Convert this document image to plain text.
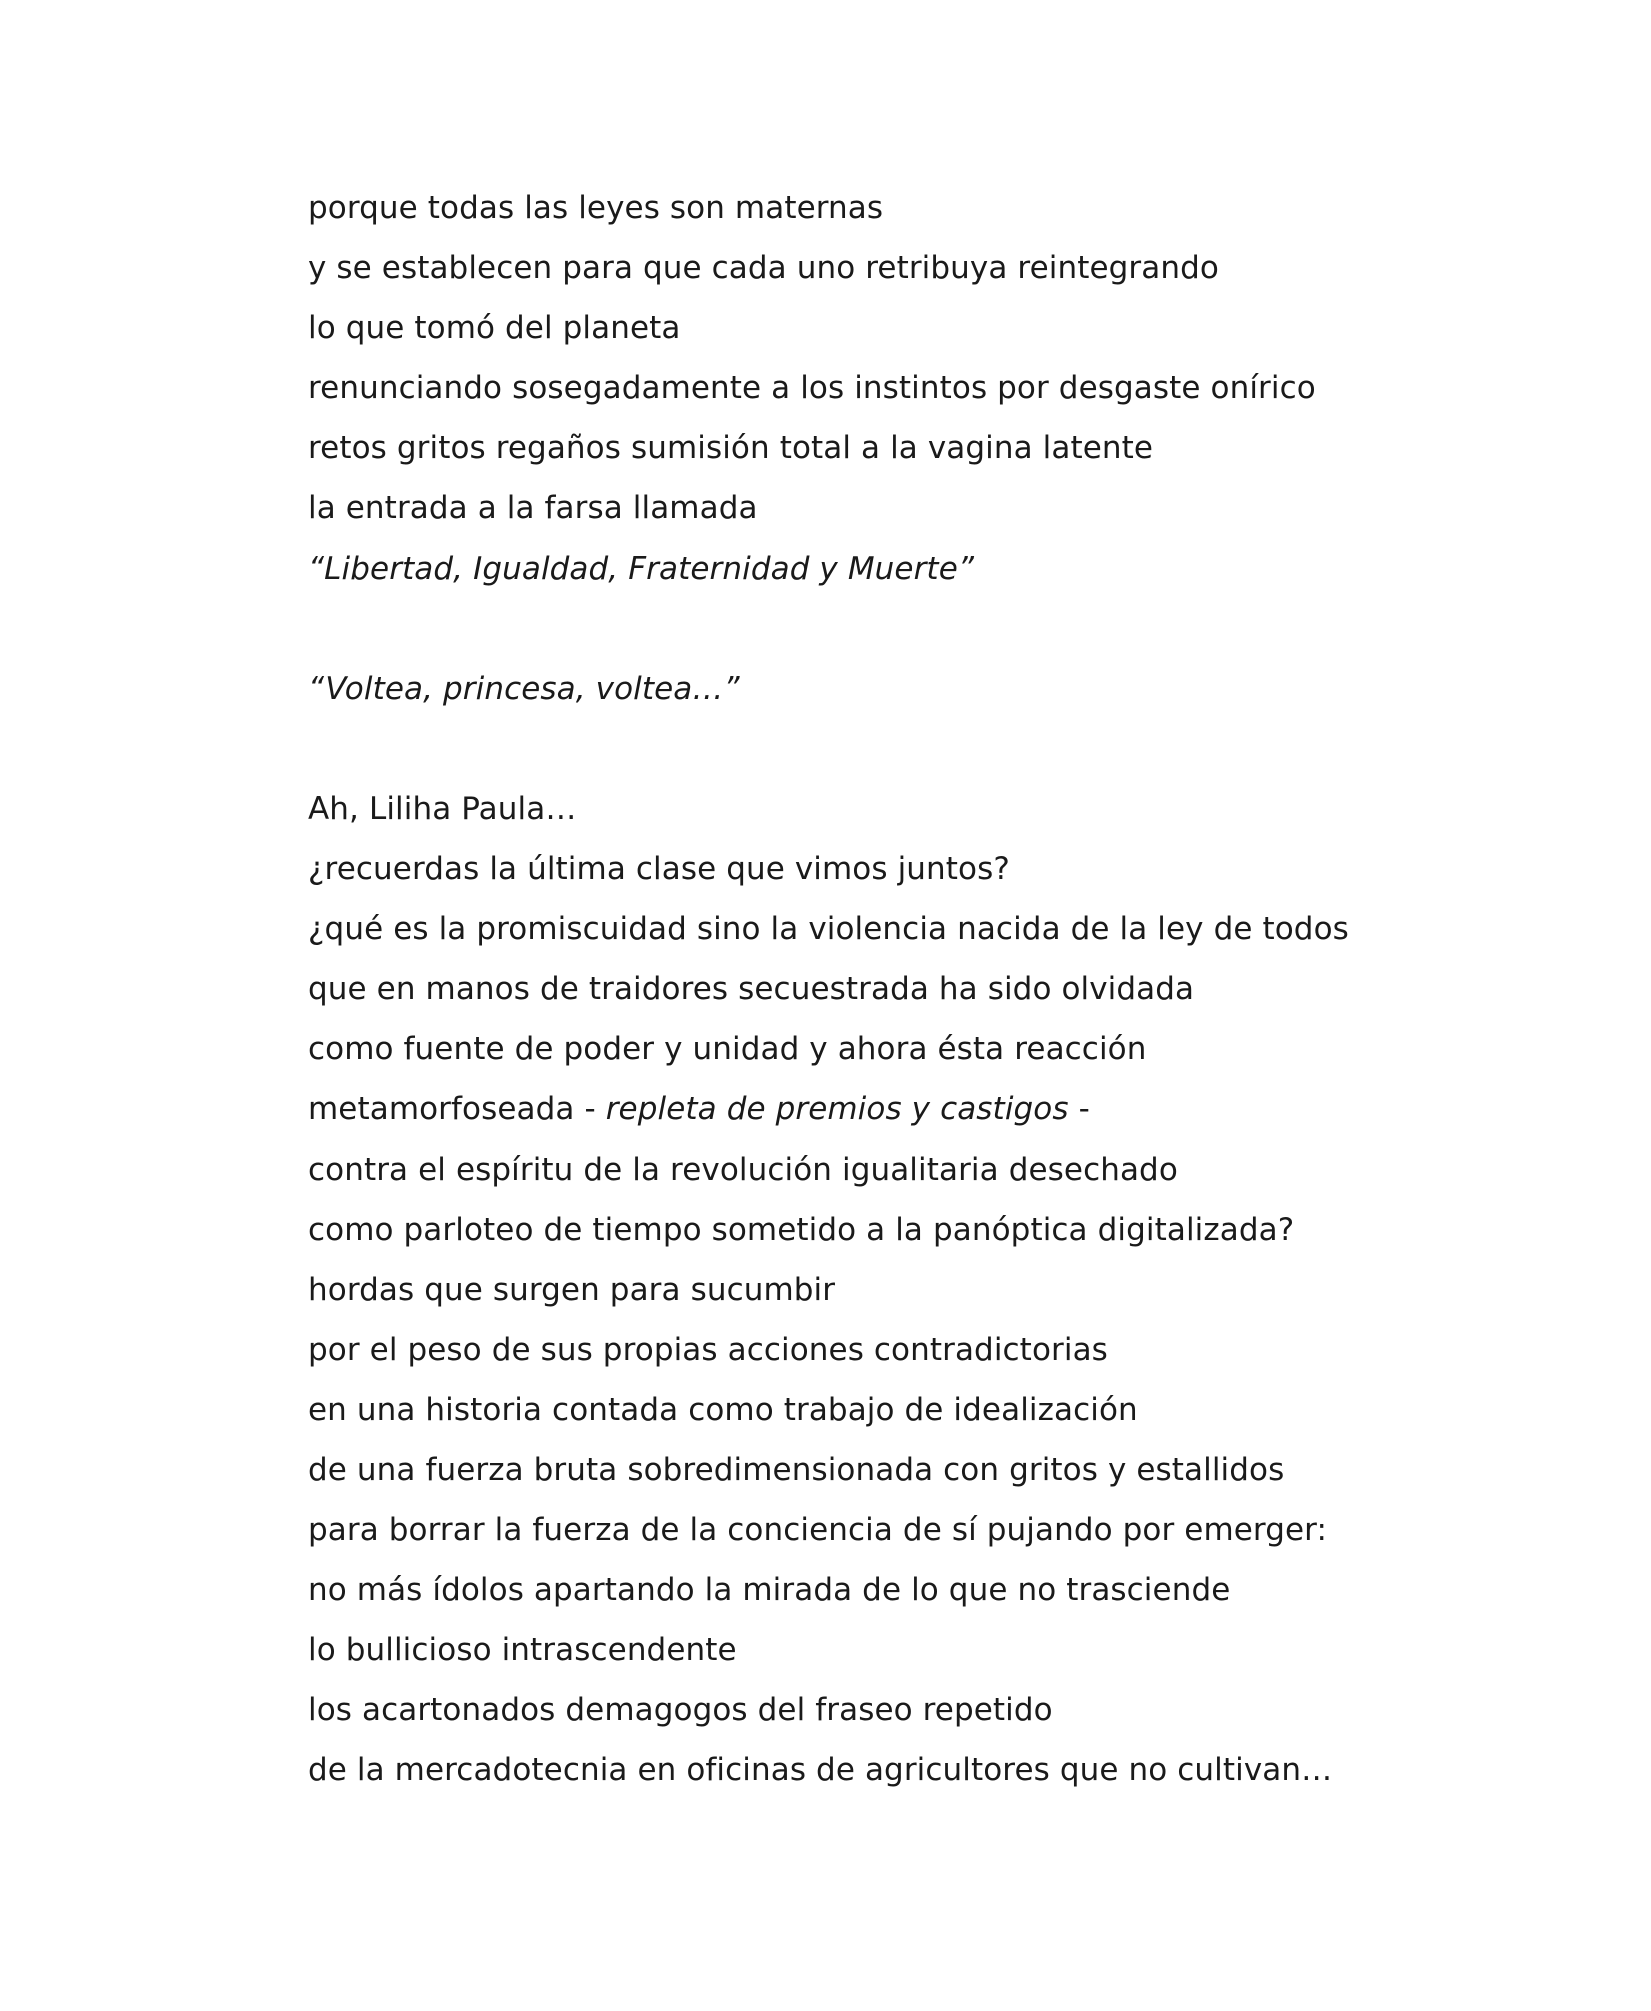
porque todas las leyes son maternas
y se establecen para que cada uno retribuya reintegrando
lo que tomó del planeta
renunciando sosegadamente a los instintos por desgaste onírico
retos gritos regaños sumisión total a la vagina latente
la entrada a la farsa llamada
“Libertad, Igualdad, Fraternidad y Muerte”
“Voltea, princesa, voltea…”
Ah, Liliha Paula…
¿recuerdas la última clase que vimos juntos?
¿qué es la promiscuidad sino la violencia nacida de la ley de todos
que en manos de traidores secuestrada ha sido olvidada
como fuente de poder y unidad y ahora ésta reacción
metamorfoseada - repleta de premios y castigos -
contra el espíritu de la revolución igualitaria desechado
como parloteo de tiempo sometido a la panóptica digitalizada?
hordas que surgen para sucumbir
por el peso de sus propias acciones contradictorias
en una historia contada como trabajo de idealización
de una fuerza bruta sobredimensionada con gritos y estallidos
para borrar la fuerza de la conciencia de sí pujando por emerger:
no más ídolos apartando la mirada de lo que no trasciende
lo bullicioso intrascendente
los acartonados demagogos del fraseo repetido
de la mercadotecnia en oficinas de agricultores que no cultivan…
